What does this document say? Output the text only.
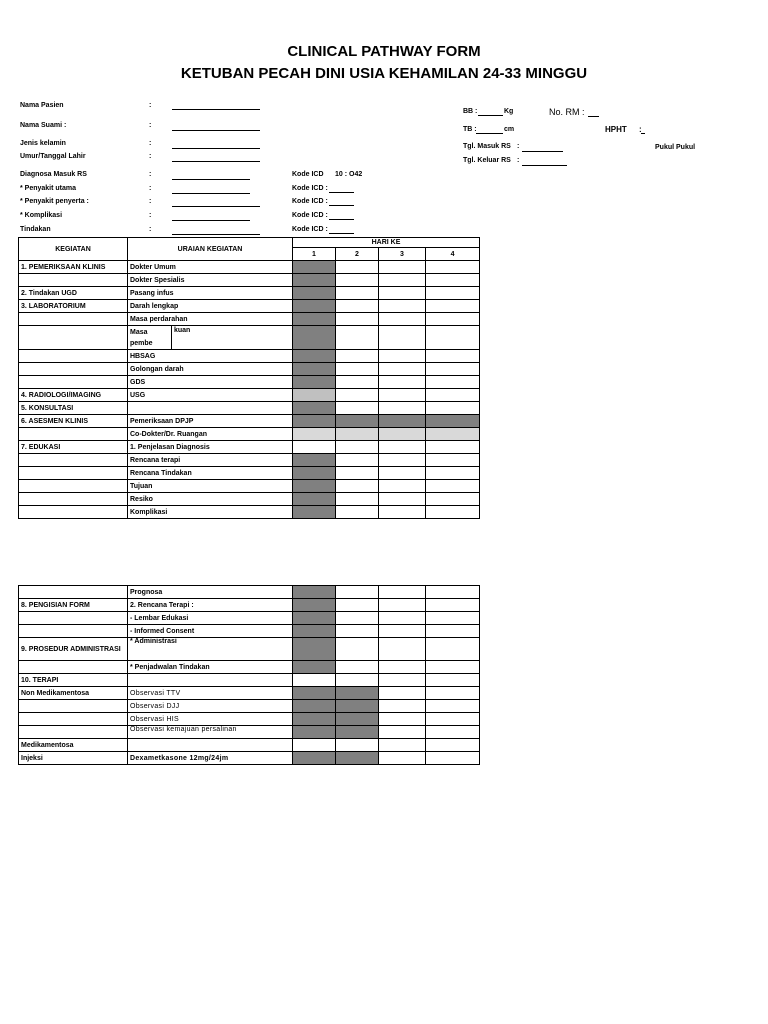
CLINICAL PATHWAY FORM
KETUBAN PECAH DINI USIA KEHAMILAN 24-33 MINGGU
Nama Pasien	:
Nama Suami :	:
Jenis kelamin	:
Umur/Tanggal Lahir	:
Diagnosa Masuk RS	:
* Penyakit utama	:
* Penyakit penyerta :	:
* Komplikasi	:
Tindakan	:
Kode ICD 10 : O42
Kode ICD :
Kode ICD :
Kode ICD :
Kode ICD :
BB :	Kg	No. RM :
TB :	cm	HPHT :
Tgl. Masuk RS :	Pukul Pukul
Tgl. Keluar RS :
KEGIATAN	URAIAN KEGIATAN		HARI KE			
			1	2	3	4
1. PEMERIKSAAN KLINIS	Dokter Umum					
	Dokter Spesialis					
2. Tindakan UGD	Pasang infus					
3. LABORATORIUM	Darah lengkap					
	Masa perdarahan					
	Masa
pembe	kuan				
	HBSAG					
	Golongan darah					
	GDS					
4. RADIOLOGI/IMAGING	USG					
5. KONSULTASI						
6. ASESMEN KLINIS	Pemeriksaan DPJP					
	Co-Dokter/Dr. Ruangan					
7. EDUKASI	1. Penjelasan Diagnosis					
	Rencana terapi					
	Rencana Tindakan					
	Tujuan					
	Resiko					
	Komplikasi					
	Prognosa				
8. PENGISIAN FORM	2. Rencana Terapi :				
	- Lembar Edukasi				
	- Informed Consent				
9. PROSEDUR ADMINISTRASI	* Administrasi				
	* Penjadwalan Tindakan				
10. TERAPI					
Non Medikamentosa	Observasi TTV				
	Observasi DJJ				
	Observasi HIS				
	Observasi kemajuan persalinan				
Medikamentosa					
Injeksi	Dexametkasone 12mg/24jm				
